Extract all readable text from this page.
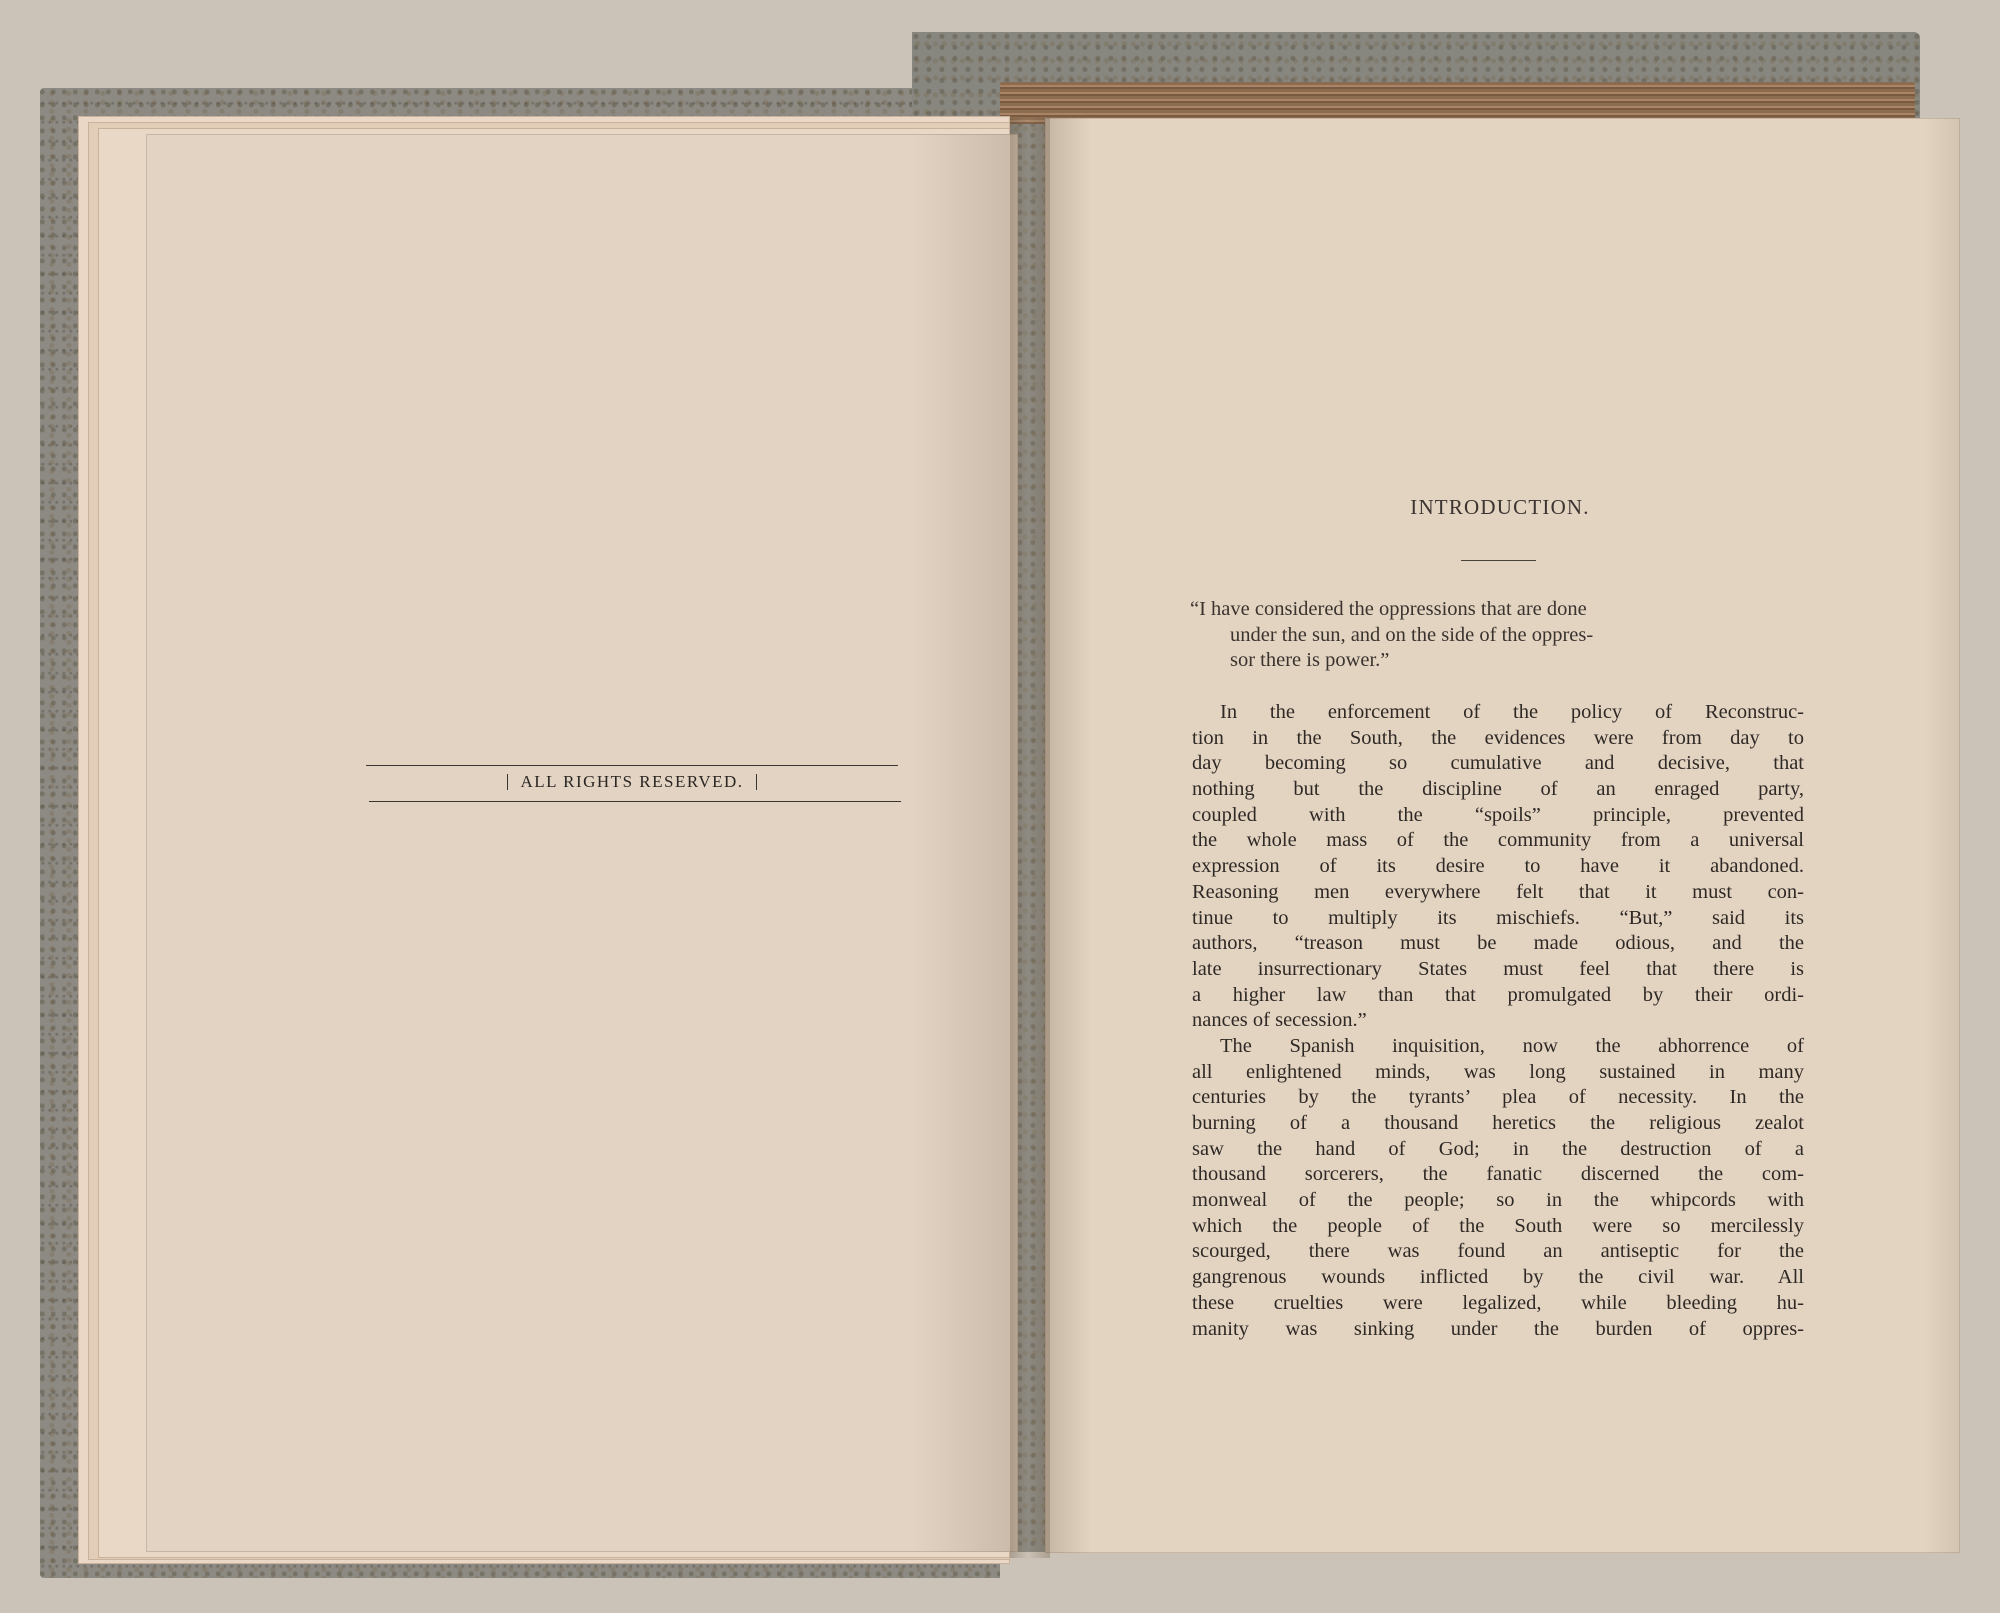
ALL RIGHTS RESERVED.
INTRODUCTION.
“I have considered the oppressions that are done
under the sun, and on the side of the oppres-
sor there is power.”
In the enforcement of the policy of Reconstruc-
tion in the South, the evidences were from day to
day becoming so cumulative and decisive, that
nothing but the discipline of an enraged party,
coupled with the “spoils” principle, prevented
the whole mass of the community from a universal
expression of its desire to have it abandoned.
Reasoning men everywhere felt that it must con-
tinue to multiply its mischiefs. “But,” said its
authors, “treason must be made odious, and the
late insurrectionary States must feel that there is
a higher law than that promulgated by their ordi-
nances of secession.”
The Spanish inquisition, now the abhorrence of
all enlightened minds, was long sustained in many
centuries by the tyrants’ plea of necessity. In the
burning of a thousand heretics the religious zealot
saw the hand of God; in the destruction of a
thousand sorcerers, the fanatic discerned the com-
monweal of the people; so in the whipcords with
which the people of the South were so mercilessly
scourged, there was found an antiseptic for the
gangrenous wounds inflicted by the civil war. All
these cruelties were legalized, while bleeding hu-
manity was sinking under the burden of oppres-
